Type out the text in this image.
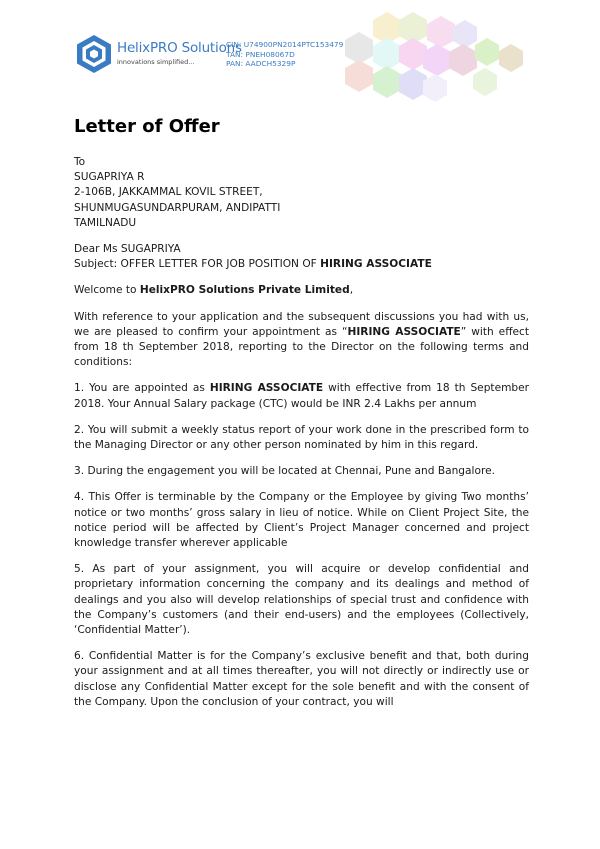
HelixPRO Solutions
innovations simplified...
CIN: U74900PN2014PTC153479
TAN: PNEH08067D
PAN: AADCH5329P
Letter of Offer
To
SUGAPRIYA R
2-106B, JAKKAMMAL KOVIL STREET,
SHUNMUGASUNDARPURAM, ANDIPATTI
TAMILNADU
Dear Ms SUGAPRIYA
Subject: OFFER LETTER FOR JOB POSITION OF HIRING ASSOCIATE

Welcome to HelixPRO Solutions Private Limited,

With reference to your application and the subsequent discussions you had with us, we are pleased to confirm your appointment as “HIRING ASSOCIATE” with effect from 18 th September 2018, reporting to the Director on the following terms and conditions:

1. You are appointed as HIRING ASSOCIATE with effective from 18 th September 2018. Your Annual Salary package (CTC) would be INR 2.4 Lakhs per annum

2. You will submit a weekly status report of your work done in the prescribed form to the Managing Director or any other person nominated by him in this regard.

3. During the engagement you will be located at Chennai, Pune and Bangalore.

4. This Offer is terminable by the Company or the Employee by giving Two months’ notice or two months’ gross salary in lieu of notice. While on Client Project Site, the notice period will be affected by Client’s Project Manager concerned and project knowledge transfer wherever applicable

5. As part of your assignment, you will acquire or develop confidential and proprietary information concerning the company and its dealings and method of dealings and you also will develop relationships of special trust and confidence with the Company’s customers (and their end-users) and the employees (Collectively, ‘Confidential Matter’).

6. Confidential Matter is for the Company’s exclusive benefit and that, both during your assignment and at all times thereafter, you will not directly or indirectly use or disclose any Confidential Matter except for the sole benefit and with the consent of the Company. Upon the conclusion of your contract, you will
